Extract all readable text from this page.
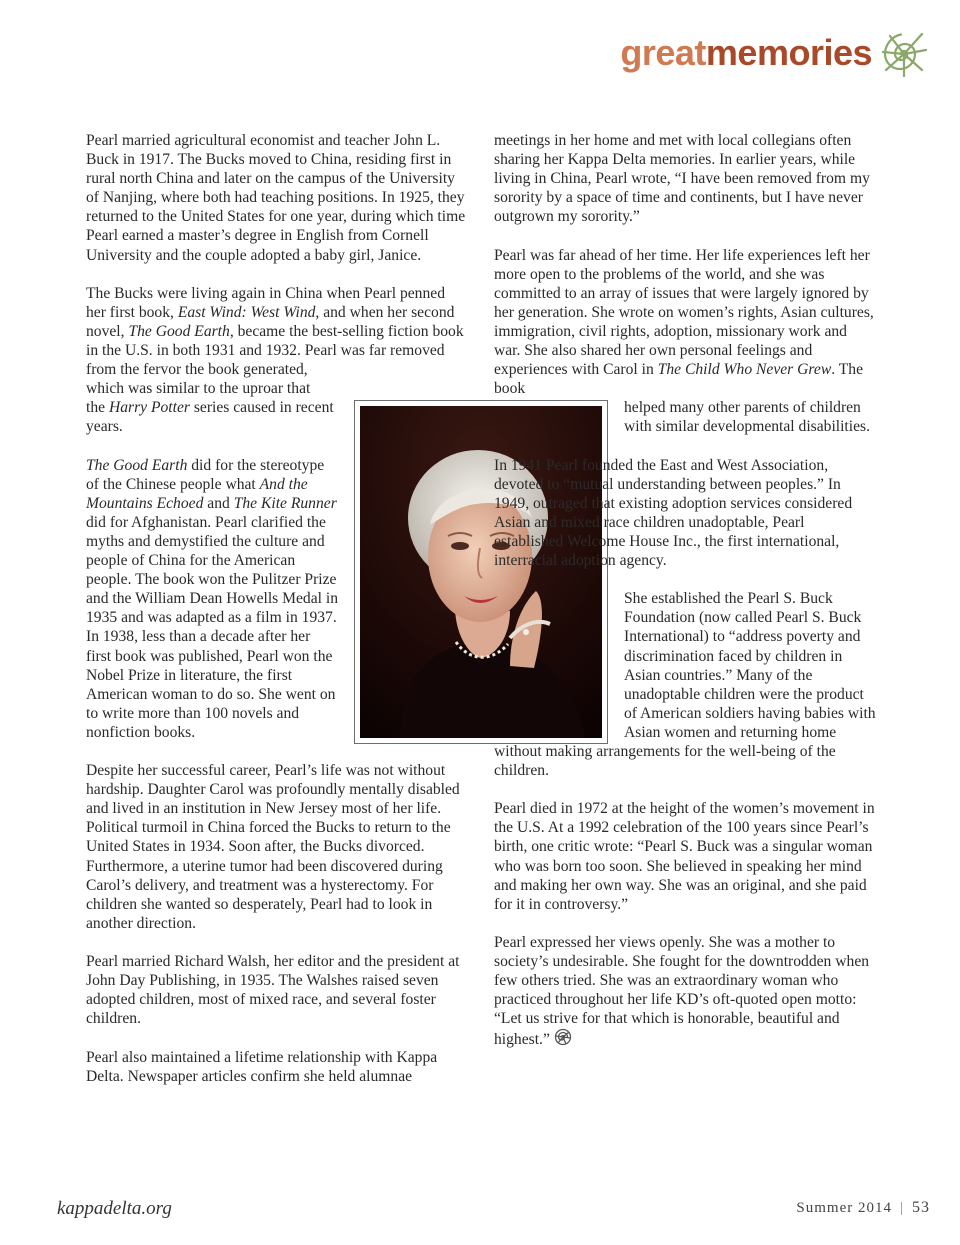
greatmemories

Pearl married agricultural economist and teacher John L. Buck in 1917. The Bucks moved to China, residing first in rural north China and later on the campus of the University of Nanjing, where both had teaching positions. In 1925, they returned to the United States for one year, during which time Pearl earned a master’s degree in English from Cornell University and the couple adopted a baby girl, Janice.

The Bucks were living again in China when Pearl penned her first book, East Wind: West Wind, and when her second novel, The Good Earth, became the best-selling fiction book in the U.S. in both 1931 and 1932. Pearl was far removed from the fervor the book generated,
which was similar to the uproar that
the Harry Potter series caused in recent
years.

The Good Earth did for the stereotype of the Chinese people what And the Mountains Echoed and The Kite Runner did for Afghanistan. Pearl clarified the myths and demystified the culture and people of China for the American people. The book won the Pulitzer Prize and the William Dean Howells Medal in 1935 and was adapted as a film in 1937. In 1938, less than a decade after her first book was published, Pearl won the Nobel Prize in literature, the first American woman to do so. She went on to write more than 100 novels and nonfiction books.

Despite her successful career, Pearl’s life was not without hardship. Daughter Carol was profoundly mentally disabled and lived in an institution in New Jersey most of her life. Political turmoil in China forced the Bucks to return to the United States in 1934. Soon after, the Bucks divorced. Furthermore, a uterine tumor had been discovered during Carol’s delivery, and treatment was a hysterectomy. For children she wanted so desperately, Pearl had to look in another direction.

Pearl married Richard Walsh, her editor and the president at John Day Publishing, in 1935. The Walshes raised seven adopted children, most of mixed race, and several foster children.

Pearl also maintained a lifetime relationship with Kappa Delta. Newspaper articles confirm she held alumnae

meetings in her home and met with local collegians often sharing her Kappa Delta memories. In earlier years, while living in China, Pearl wrote, “I have been removed from my sorority by a space of time and continents, but I have never outgrown my sorority.”

Pearl was far ahead of her time. Her life experiences left her more open to the problems of the world, and she was committed to an array of issues that were largely ignored by her generation. She wrote on women’s rights, Asian cultures, immigration, civil rights, adoption, missionary work and war. She also shared her own personal feelings and experiences with Carol in The Child Who Never Grew. The book
helped many other parents of children with similar developmental disabilities.

In 1941 Pearl founded the East and West Association, devoted to “mutual understanding between peoples.” In 1949, outraged that existing adoption services considered Asian and mixed race children unadoptable, Pearl established Welcome House Inc., the first international, interracial adoption agency.

She established the Pearl S. Buck Foundation (now called Pearl S. Buck International) to “address poverty and discrimination faced by children in Asian countries.” Many of the unadoptable children were the product of American soldiers having babies with Asian women and returning home
without making arrangements for the well-being of the children.

Pearl died in 1972 at the height of the women’s movement in the U.S. At a 1992 celebration of the 100 years since Pearl’s birth, one critic wrote: “Pearl S. Buck was a singular woman who was born too soon. She believed in speaking her mind and making her own way. She was an original, and she paid for it in controversy.”

Pearl expressed her views openly. She was a mother to society’s undesirable. She fought for the downtrodden when few others tried. She was an extraordinary woman who practiced throughout her life KD’s oft-quoted open motto: “Let us strive for that which is honorable, beautiful and highest.”

kappadelta.org	Summer 2014 | 53
